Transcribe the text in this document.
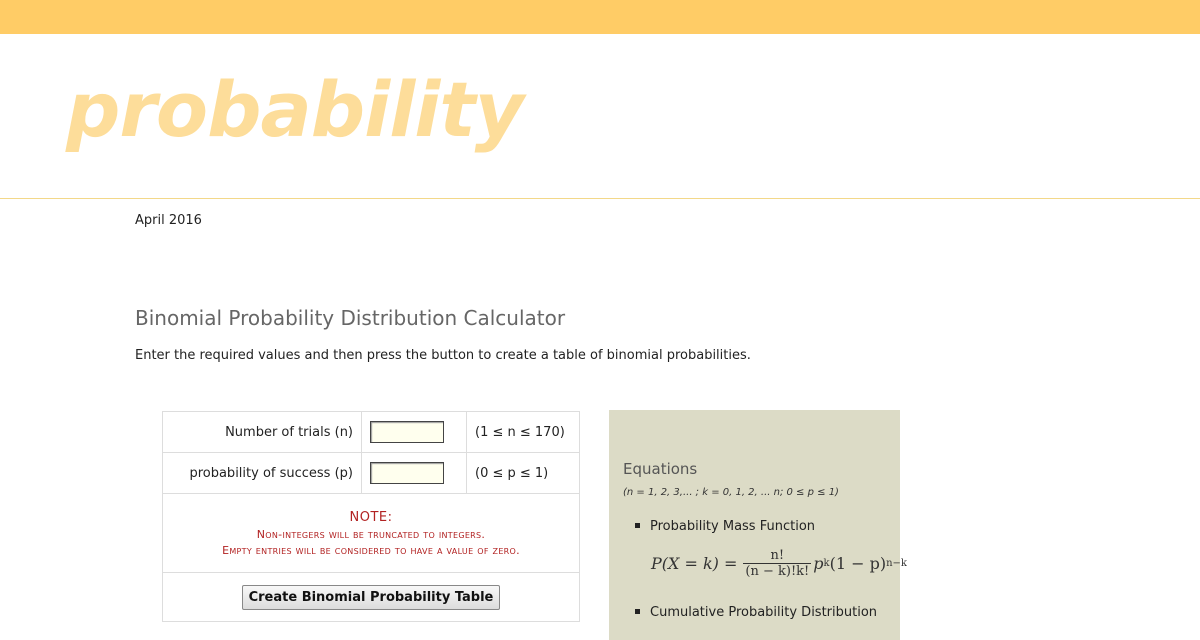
probability
April 2016
Binomial Probability Distribution Calculator
Enter the required values and then press the button to create a table of binomial probabilities.
Number of trials (n)		(1 ≤ n ≤ 170)
probability of success (p)		(0 ≤ p ≤ 1)

NOTE:
Non-integers will be truncated to integers.
Empty entries will be considered to have a value of zero.		

Create Binomial Probability Table		
Equations
(n = 1, 2, 3,... ; k = 0, 1, 2, ... n; 0 ≤ p ≤ 1)
Probability Mass Function
$P(X = k) = \frac{n!}{(n - k)!k!}$ p k (1 − p) n−k
Cumulative Probability Distribution
